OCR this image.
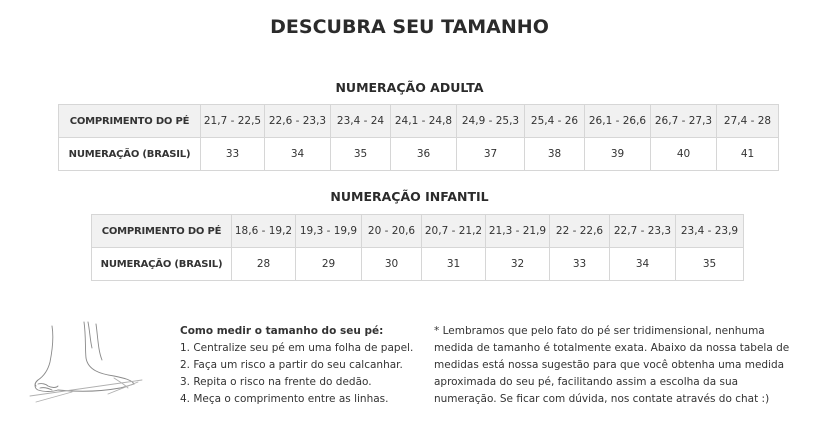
DESCUBRA SEU TAMANHO
NUMERAÇÃO ADULTA
COMPRIMENTO DO PÉ	21,7 - 22,5	22,6 - 23,3	23,4 - 24	24,1 - 24,8	24,9 - 25,3	25,4 - 26	26,1 - 26,6	26,7 - 27,3	27,4 - 28
NUMERAÇÃO (BRASIL)	33	34	35	36	37	38	39	40	41
NUMERAÇÃO INFANTIL
COMPRIMENTO DO PÉ	18,6 - 19,2	19,3 - 19,9	20 - 20,6	20,7 - 21,2	21,3 - 21,9	22 - 22,6	22,7 - 23,3	23,4 - 23,9
NUMERAÇÃO (BRASIL)	28	29	30	31	32	33	34	35
Como medir o tamanho do seu pé:
1. Centralize seu pé em uma folha de papel.
2. Faça um risco a partir do seu calcanhar.
3. Repita o risco na frente do dedão.
4. Meça o comprimento entre as linhas.
* Lembramos que pelo fato do pé ser tridimensional, nenhuma
medida de tamanho é totalmente exata. Abaixo da nossa tabela de
medidas está nossa sugestão para que você obtenha uma medida
aproximada do seu pé, facilitando assim a escolha da sua
numeração. Se ficar com dúvida, nos contate através do chat :)
